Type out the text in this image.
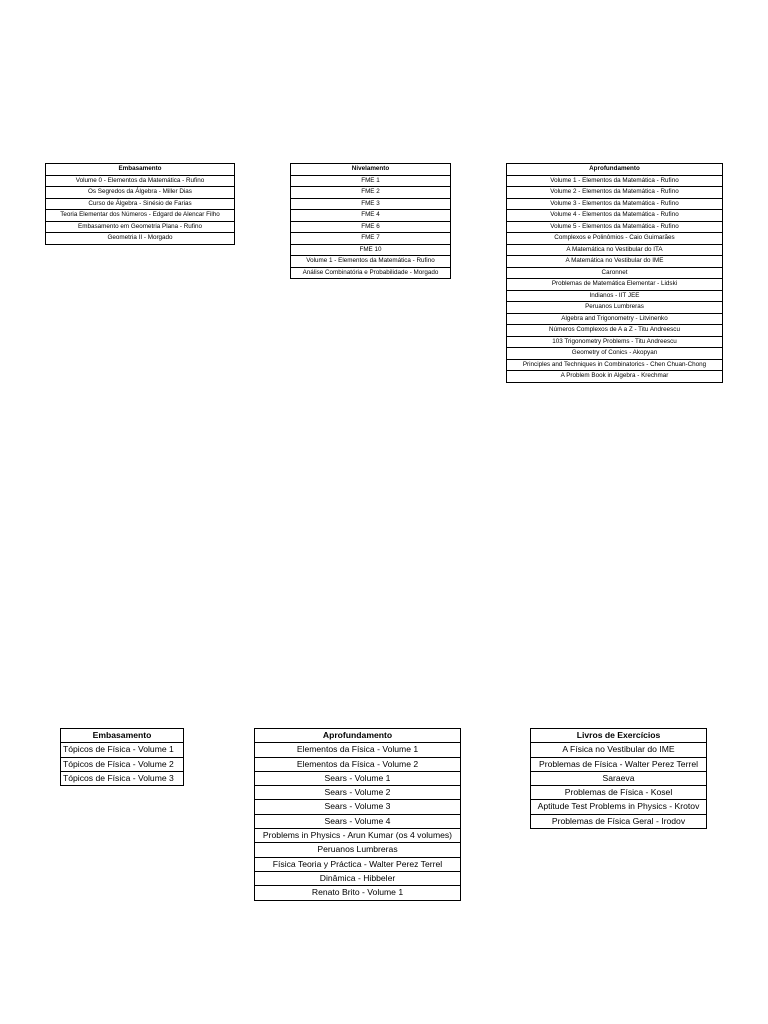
Embasamento
Volume 0 - Elementos da Matemática - Rufino
Os Segredos da Álgebra - Miller Dias
Curso de Álgebra - Sinésio de Farias
Teoria Elementar dos Números - Edgard de Alencar Filho
Embasamento em Geometria Plana - Rufino
Geometria II - Morgado
Nivelamento
FME 1
FME 2
FME 3
FME 4
FME 6
FME 7
FME 10
Volume 1 - Elementos da Matemática - Rufino
Análise Combinatória e Probabilidade - Morgado
Aprofundamento
Volume 1 - Elementos da Matemática - Rufino
Volume 2 - Elementos da Matemática - Rufino
Volume 3 - Elementos da Matemática - Rufino
Volume 4 - Elementos da Matemática - Rufino
Volume 5 - Elementos da Matemática - Rufino
Complexos e Polinômios - Caio Guimarães
A Matemática no Vestibular do ITA
A Matemática no Vestibular do IME
Caronnet
Problemas de Matemática Elementar - Lidski
Indianos - IIT JEE
Peruanos Lumbreras
Algebra and Trigonometry - Litvinenko
Números Complexos de A a Z - Titu Andreescu
103 Trigonometry Problems - Titu Andreescu
Geometry of Conics - Akopyan
Principles and Techniques in Combinatorics - Chen Chuan-Chong
A Problem Book in Algebra - Krechmar
Embasamento
Tópicos de Física - Volume 1
Tópicos de Física - Volume 2
Tópicos de Física - Volume 3
Aprofundamento
Elementos da Física - Volume 1
Elementos da Física - Volume 2
Sears - Volume 1
Sears - Volume 2
Sears - Volume 3
Sears - Volume 4
Problems in Physics - Arun Kumar (os 4 volumes)
Peruanos Lumbreras
Física Teoria y Práctica - Walter Perez Terrel
Dinâmica - Hibbeler
Renato Brito - Volume 1
Livros de Exercícios
A Física no Vestibular do IME
Problemas de Física - Walter Perez Terrel
Saraeva
Problemas de Física - Kosel
Aptitude Test Problems in Physics - Krotov
Problemas de Física Geral - Irodov
